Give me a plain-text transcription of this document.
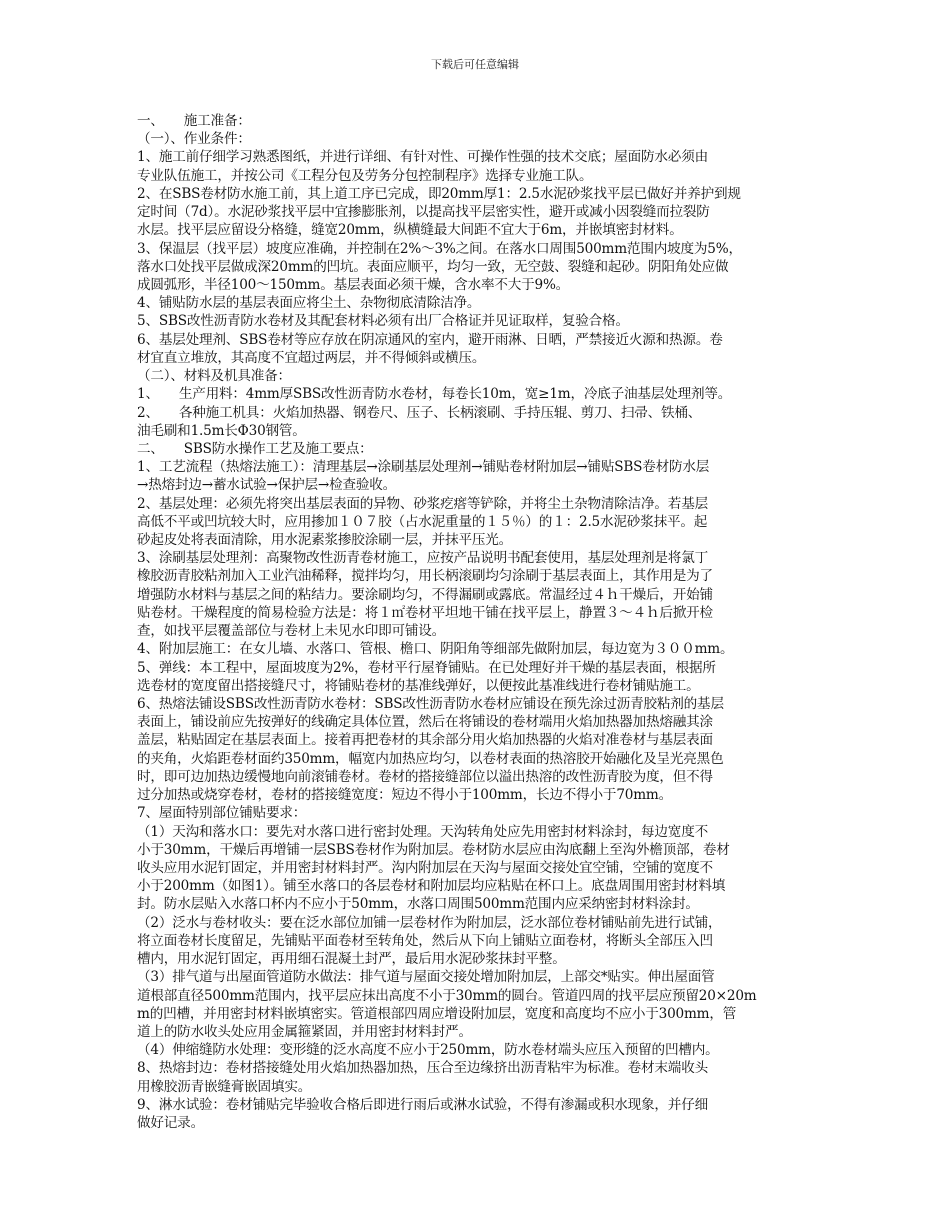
下载后可任意编辑
一、　　施工准备：
（一）、作业条件：
1、施工前仔细学习熟悉图纸，并进行详细、有针对性、可操作性强的技术交底；屋面防水必须由
专业队伍施工，并按公司《工程分包及劳务分包控制程序》选择专业施工队。
2、在SBS卷材防水施工前，其上道工序已完成，即20mm厚1：2.5水泥砂浆找平层已做好并养护到规
定时间（7d）。水泥砂浆找平层中宜掺膨胀剂，以提高找平层密实性，避开或减小因裂缝而拉裂防
水层。找平层应留设分格缝，缝宽20mm，纵横缝最大间距不宜大于6m，并嵌填密封材料。
3、保温层（找平层）坡度应准确，并控制在2%～3%之间。在落水口周围500mm范围内坡度为5%，
落水口处找平层做成深20mm的凹坑。表面应顺平，均匀一致，无空鼓、裂缝和起砂。阴阳角处应做
成圆弧形，半径100～150mm。基层表面必须干燥，含水率不大于9%。
4、铺贴防水层的基层表面应将尘土、杂物彻底清除洁净。
5、SBS改性沥青防水卷材及其配套材料必须有出厂合格证并见证取样，复验合格。
6、基层处理剂、SBS卷材等应存放在阴凉通风的室内，避开雨淋、日晒，严禁接近火源和热源。卷
材宜直立堆放，其高度不宜超过两层，并不得倾斜或横压。
（二）、材料及机具准备：
1、　　生产用料：4mm厚SBS改性沥青防水卷材，每卷长10m，宽≥1m，冷底子油基层处理剂等。
2、　　各种施工机具：火焰加热器、钢卷尺、压子、长柄滚刷、手持压辊、剪刀、扫帚、铁桶、
油毛刷和1.5m长Φ30钢管。
二、　　SBS防水操作工艺及施工要点：
1、工艺流程（热熔法施工）：清理基层→涂刷基层处理剂→铺贴卷材附加层→铺贴SBS卷材防水层
→热熔封边→蓄水试验→保护层→检查验收。
2、基层处理：必须先将突出基层表面的异物、砂浆疙瘩等铲除，并将尘土杂物清除洁净。若基层
高低不平或凹坑较大时，应用掺加１０７胶（占水泥重量的１５％）的１：2.5水泥砂浆抹平。起
砂起皮处将表面清除，用水泥素浆掺胶涂刷一层，并抹平压光。
3、涂刷基层处理剂：高聚物改性沥青卷材施工，应按产品说明书配套使用，基层处理剂是将氯丁
橡胶沥青胶粘剂加入工业汽油稀释，搅拌均匀，用长柄滚刷均匀涂刷于基层表面上，其作用是为了
增强防水材料与基层之间的粘结力。要涂刷均匀，不得漏刷或露底。常温经过４ｈ干燥后，开始铺
贴卷材。干燥程度的简易检验方法是：将１㎡卷材平坦地干铺在找平层上，静置３～４ｈ后掀开检
查，如找平层覆盖部位与卷材上未见水印即可铺设。
4、附加层施工：在女儿墙、水落口、管根、檐口、阴阳角等细部先做附加层，每边宽为３００mm。
5、弹线：本工程中，屋面坡度为2%，卷材平行屋脊铺贴。在已处理好并干燥的基层表面，根据所
选卷材的宽度留出搭接缝尺寸，将铺贴卷材的基准线弹好，以便按此基准线进行卷材铺贴施工。
6、热熔法铺设SBS改性沥青防水卷材：SBS改性沥青防水卷材应铺设在预先涂过沥青胶粘剂的基层
表面上，铺设前应先按弹好的线确定具体位置，然后在将铺设的卷材端用火焰加热器加热熔融其涂
盖层，粘贴固定在基层表面上。接着再把卷材的其余部分用火焰加热器的火焰对准卷材与基层表面
的夹角，火焰距卷材面约350mm，幅宽内加热应均匀，以卷材表面的热溶胶开始融化及呈光亮黑色
时，即可边加热边缓慢地向前滚铺卷材。卷材的搭接缝部位以溢出热溶的改性沥青胶为度，但不得
过分加热或烧穿卷材，卷材的搭接缝宽度：短边不得小于100mm，长边不得小于70mm。
7、屋面特别部位铺贴要求：
（1）天沟和落水口：要先对水落口进行密封处理。天沟转角处应先用密封材料涂封，每边宽度不
小于30mm，干燥后再增铺一层SBS卷材作为附加层。卷材防水层应由沟底翻上至沟外檐顶部，卷材
收头应用水泥钉固定，并用密封材料封严。沟内附加层在天沟与屋面交接处宜空铺，空铺的宽度不
小于200mm（如图1）。铺至水落口的各层卷材和附加层均应粘贴在杯口上。底盘周围用密封材料填
封。防水层贴入水落口杯内不应小于50mm，水落口周围500mm范围内应采纳密封材料涂封。
（2）泛水与卷材收头：要在泛水部位加铺一层卷材作为附加层，泛水部位卷材铺贴前先进行试铺，
将立面卷材长度留足，先铺贴平面卷材至转角处，然后从下向上铺贴立面卷材，将断头全部压入凹
槽内，用水泥钉固定，再用细石混凝土封严，最后用水泥砂浆抹封平整。
（3）排气道与出屋面管道防水做法：排气道与屋面交接处增加附加层，上部交*贴实。伸出屋面管
道根部直径500mm范围内，找平层应抹出高度不小于30mm的圆台。管道四周的找平层应预留20×20m
m的凹槽，并用密封材料嵌填密实。管道根部四周应增设附加层，宽度和高度均不应小于300mm，管
道上的防水收头处应用金属箍紧固，并用密封材料封严。
（4）伸缩缝防水处理：变形缝的泛水高度不应小于250mm，防水卷材端头应压入预留的凹槽内。
8、热熔封边：卷材搭接缝处用火焰加热器加热，压合至边缘挤出沥青粘牢为标准。卷材末端收头
用橡胶沥青嵌缝膏嵌固填实。
9、淋水试验：卷材铺贴完毕验收合格后即进行雨后或淋水试验，不得有渗漏或积水现象，并仔细
做好记录。
